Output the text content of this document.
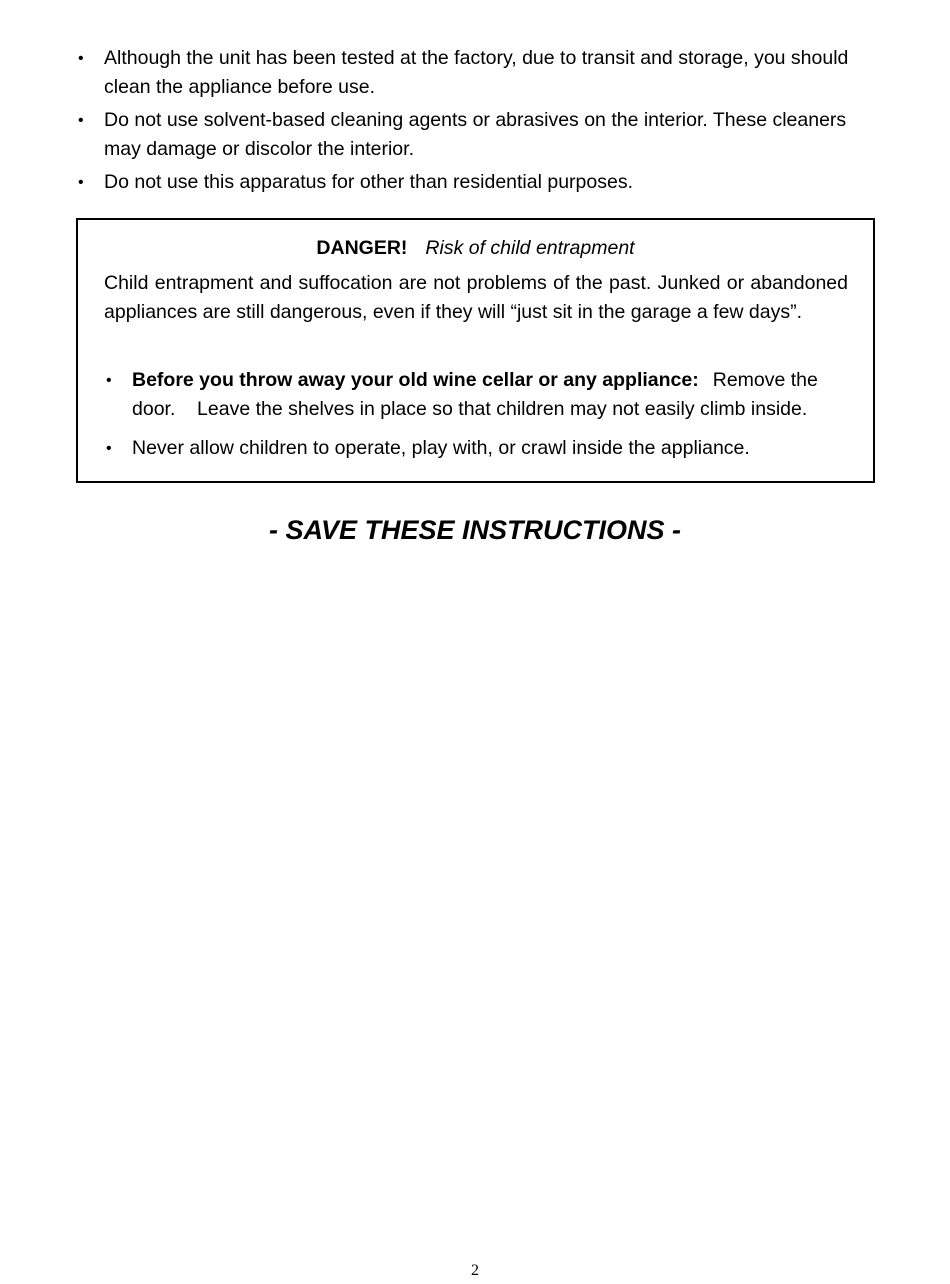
• Although the unit has been tested at the factory, due to transit and storage, you should clean the appliance before use.
• Do not use solvent-based cleaning agents or abrasives on the interior. These cleaners may damage or discolor the interior.
• Do not use this apparatus for other than residential purposes.
DANGER! Risk of child entrapment

Child entrapment and suffocation are not problems of the past. Junked or abandoned appliances are still dangerous, even if they will “just sit in the garage a few days”.

• Before you throw away your old wine cellar or any appliance: Remove the door.    Leave the shelves in place so that children may not easily climb inside.
• Never allow children to operate, play with, or crawl inside the appliance.
- SAVE THESE INSTRUCTIONS -
2
